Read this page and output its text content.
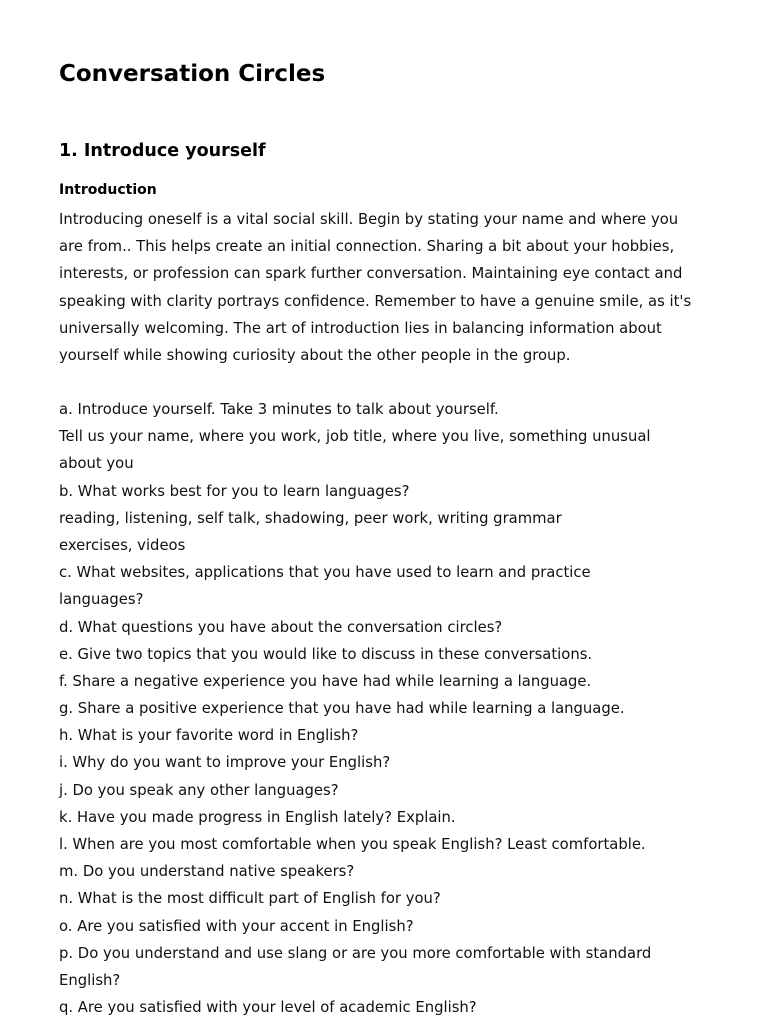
Conversation Circles
1. Introduce yourself
Introduction

Introducing oneself is a vital social skill. Begin by stating your name and where you
are from.. This helps create an initial connection. Sharing a bit about your hobbies,
interests, or profession can spark further conversation. Maintaining eye contact and
speaking with clarity portrays confidence. Remember to have a genuine smile, as it's
universally welcoming. The art of introduction lies in balancing information about
yourself while showing curiosity about the other people in the group.

a. Introduce yourself. Take 3 minutes to talk about yourself.
Tell us your name, where you work, job title, where you live, something unusual
about you
b. What works best for you to learn languages?
reading, listening, self talk, shadowing, peer work, writing grammar
exercises, videos
c. What websites, applications that you have used to learn and practice
languages?
d. What questions you have about the conversation circles?
e. Give two topics that you would like to discuss in these conversations.
f. Share a negative experience you have had while learning a language.
g. Share a positive experience that you have had while learning a language.
h. What is your favorite word in English?
i. Why do you want to improve your English?
j. Do you speak any other languages?
k. Have you made progress in English lately? Explain.
l. When are you most comfortable when you speak English? Least comfortable.
m. Do you understand native speakers?
n. What is the most difficult part of English for you?
o. Are you satisfied with your accent in English?
p. Do you understand and use slang or are you more comfortable with standard
English?
q. Are you satisfied with your level of academic English?
